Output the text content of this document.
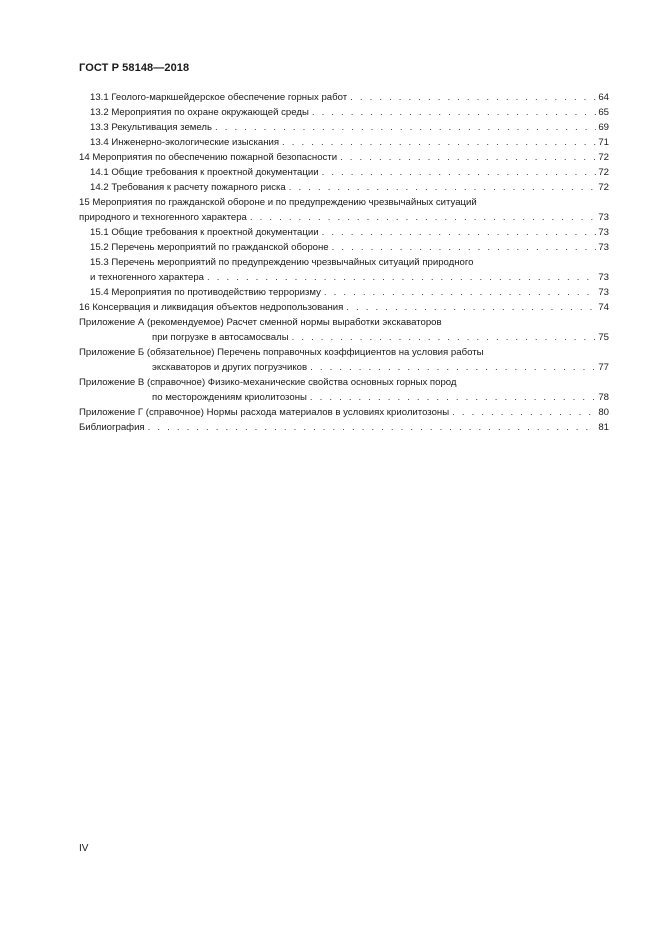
ГОСТ Р 58148—2018
13.1 Геолого-маркшейдерское обеспечение горных работ . . .	64
13.2 Мероприятия по охране окружающей среды . . .	65
13.3 Рекультивация земель . . .	69
13.4 Инженерно-экологические изыскания . . .	71
14 Мероприятия по обеспечению пожарной безопасности . . .	72
14.1 Общие требования к проектной документации . . .	72
14.2 Требования к расчету пожарного риска . . .	72
15 Мероприятия по гражданской обороне и по предупреждению чрезвычайных ситуаций
природного и техногенного характера . . .	73
15.1 Общие требования к проектной документации . . .	73
15.2 Перечень мероприятий по гражданской обороне . . .	73
15.3 Перечень мероприятий по предупреждению чрезвычайных ситуаций природного
и техногенного характера . . .	73
15.4 Мероприятия по противодействию терроризму . . .	73
16 Консервация и ликвидация объектов недропользования . . .	74
Приложение А (рекомендуемое) Расчет сменной нормы выработки экскаваторов
при погрузке в автосамосвалы . . .	75
Приложение Б (обязательное) Перечень поправочных коэффициентов на условия работы
экскаваторов и других погрузчиков . . .	77
Приложение В (справочное) Физико-механические свойства основных горных пород
по месторождениям криолитозоны . . .	78
Приложение Г (справочное) Нормы расхода материалов в условиях криолитозоны . . .	80
Библиография . . .	81
IV
